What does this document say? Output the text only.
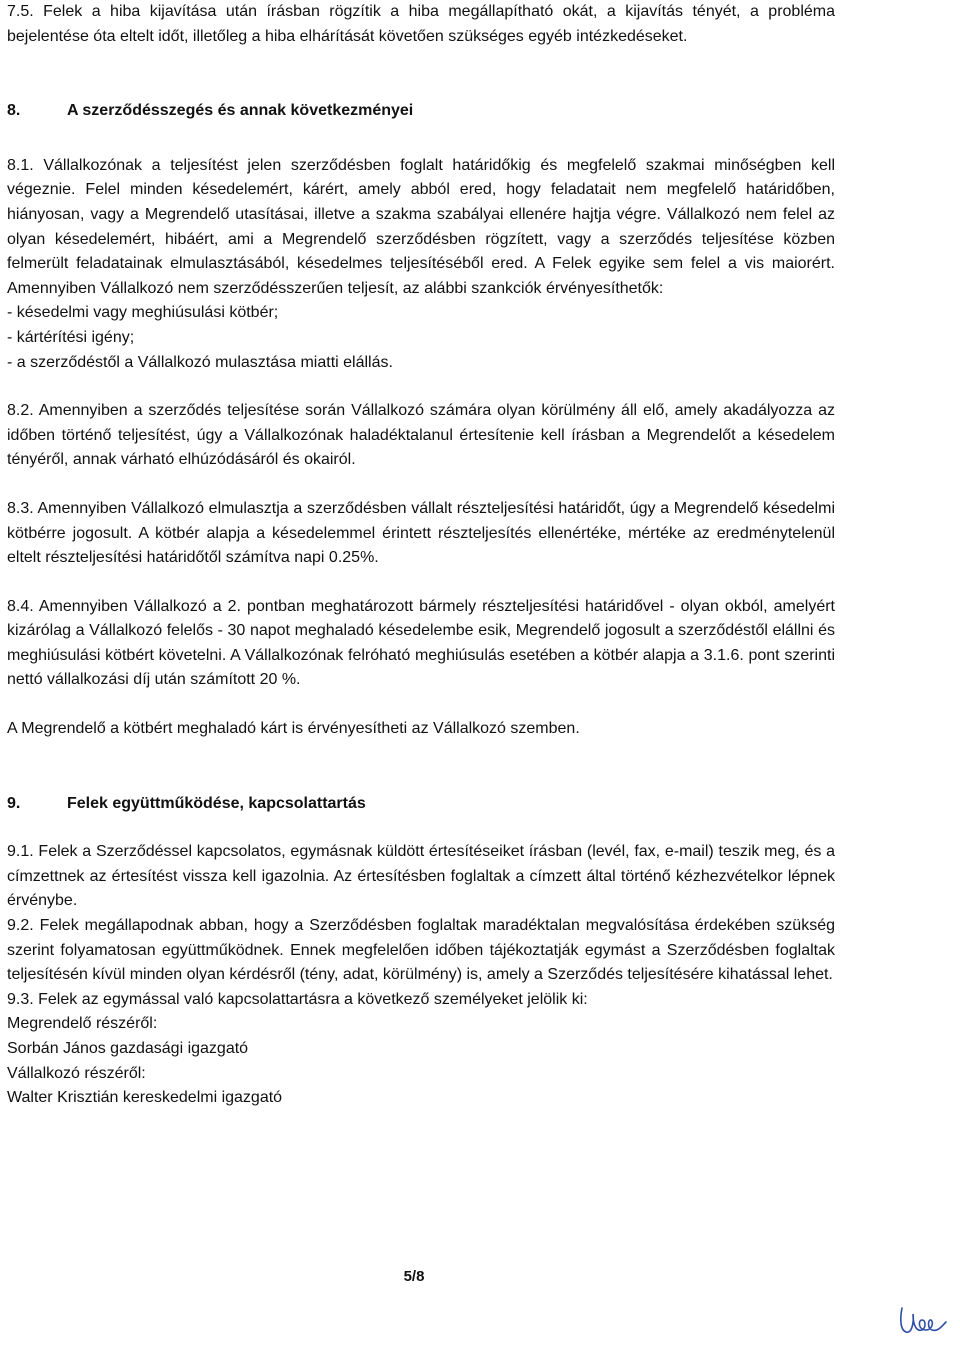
7.5. Felek a hiba kijavítása után írásban rögzítik a hiba megállapítható okát, a kijavítás tényét, a probléma bejelentése óta eltelt időt, illetőleg a hiba elhárítását követően szükséges egyéb intézkedéseket.

8.	A szerződésszegés és annak következményei

8.1. Vállalkozónak a teljesítést jelen szerződésben foglalt határidőkig és megfelelő szakmai minőségben kell végeznie. Felel minden késedelemért, kárért, amely abból ered, hogy feladatait nem megfelelő határidőben, hiányosan, vagy a Megrendelő utasításai, illetve a szakma szabályai ellenére hajtja végre. Vállalkozó nem felel az olyan késedelemért, hibáért, ami a Megrendelő szerződésben rögzített, vagy a szerződés teljesítése közben felmerült feladatainak elmulasztásából, késedelmes teljesítéséből ered. A Felek egyike sem felel a vis maiorért. Amennyiben Vállalkozó nem szerződésszerűen teljesít, az alábbi szankciók érvényesíthetők:

- késedelmi vagy meghiúsulási kötbér;

- kártérítési igény;

- a szerződéstől a Vállalkozó mulasztása miatti elállás.

8.2. Amennyiben a szerződés teljesítése során Vállalkozó számára olyan körülmény áll elő, amely akadályozza az időben történő teljesítést, úgy a Vállalkozónak haladéktalanul értesítenie kell írásban a Megrendelőt a késedelem tényéről, annak várható elhúzódásáról és okairól.

8.3. Amennyiben Vállalkozó elmulasztja a szerződésben vállalt részteljesítési határidőt, úgy a Megrendelő késedelmi kötbérre jogosult. A kötbér alapja a késedelemmel érintett részteljesítés ellenértéke, mértéke az eredménytelenül eltelt részteljesítési határidőtől számítva napi 0.25%.

8.4. Amennyiben Vállalkozó a 2. pontban meghatározott bármely részteljesítési határidővel - olyan okból, amelyért kizárólag a Vállalkozó felelős - 30 napot meghaladó késedelembe esik, Megrendelő jogosult a szerződéstől elállni és meghiúsulási kötbért követelni. A Vállalkozónak felróható meghiúsulás esetében a kötbér alapja a 3.1.6. pont szerinti nettó vállalkozási díj után számított 20 %.

A Megrendelő a kötbért meghaladó kárt is érvényesítheti az Vállalkozó szemben.

9.	Felek együttműködése, kapcsolattartás

9.1. Felek a Szerződéssel kapcsolatos, egymásnak küldött értesítéseiket írásban (levél, fax, e-mail) teszik meg, és a címzettnek az értesítést vissza kell igazolnia. Az értesítésben foglaltak a címzett által történő kézhezvételkor lépnek érvénybe.

9.2. Felek megállapodnak abban, hogy a Szerződésben foglaltak maradéktalan megvalósítása érdekében szükség szerint folyamatosan együttműködnek. Ennek megfelelően időben tájékoztatják egymást a Szerződésben foglaltak teljesítésén kívül minden olyan kérdésről (tény, adat, körülmény) is, amely a Szerződés teljesítésére kihatással lehet.

9.3. Felek az egymással való kapcsolattartásra a következő személyeket jelölik ki:

Megrendelő részéről:

Sorbán János gazdasági igazgató

Vállalkozó részéről:

Walter Krisztián kereskedelmi igazgató

5/8
